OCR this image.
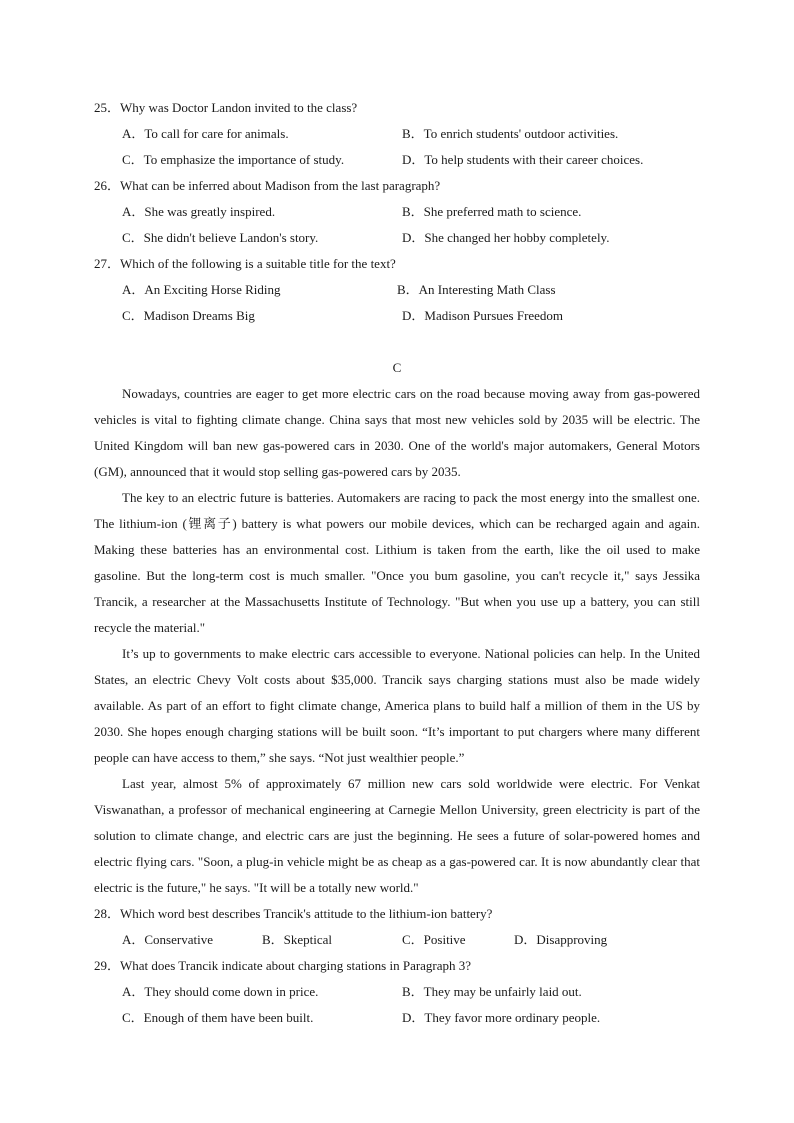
25．Why was Doctor Landon invited to the class?
A．To call for care for animals.	B．To enrich students' outdoor activities.
C．To emphasize the importance of study.	D．To help students with their career choices.
26．What can be inferred about Madison from the last paragraph?
A．She was greatly inspired.	B．She preferred math to science.
C．She didn't believe Landon's story.	D．She changed her hobby completely.
27．Which of the following is a suitable title for the text?
A．An Exciting Horse Riding	B．An Interesting Math Class
C．Madison Dreams Big	D．Madison Pursues Freedom
C
Nowadays, countries are eager to get more electric cars on the road because moving away from gas-powered vehicles is vital to fighting climate change. China says that most new vehicles sold by 2035 will be electric. The United Kingdom will ban new gas-powered cars in 2030. One of the world's major automakers, General Motors (GM), announced that it would stop selling gas-powered cars by 2035.
The key to an electric future is batteries. Automakers are racing to pack the most energy into the smallest one. The lithium-ion (锂离子) battery is what powers our mobile devices, which can be recharged again and again. Making these batteries has an environmental cost. Lithium is taken from the earth, like the oil used to make gasoline. But the long-term cost is much smaller. "Once you bum gasoline, you can't recycle it," says Jessika Trancik, a researcher at the Massachusetts Institute of Technology. "But when you use up a battery, you can still recycle the material."
It’s up to governments to make electric cars accessible to everyone. National policies can help. In the United States, an electric Chevy Volt costs about $35,000. Trancik says charging stations must also be made widely available. As part of an effort to fight climate change, America plans to build half a million of them in the US by 2030. She hopes enough charging stations will be built soon. “It’s important to put chargers where many different people can have access to them,” she says. “Not just wealthier people.”
Last year, almost 5% of approximately 67 million new cars sold worldwide were electric. For Venkat Viswanathan, a professor of mechanical engineering at Carnegie Mellon University, green electricity is part of the solution to climate change, and electric cars are just the beginning. He sees a future of solar-powered homes and electric flying cars. "Soon, a plug-in vehicle might be as cheap as a gas-powered car. It is now abundantly clear that electric is the future," he says. "It will be a totally new world."
28．Which word best describes Trancik's attitude to the lithium-ion battery?
A．Conservative	B．Skeptical	C．Positive	D．Disapproving
29．What does Trancik indicate about charging stations in Paragraph 3?
A．They should come down in price.	B．They may be unfairly laid out.
C．Enough of them have been built.	D．They favor more ordinary people.
